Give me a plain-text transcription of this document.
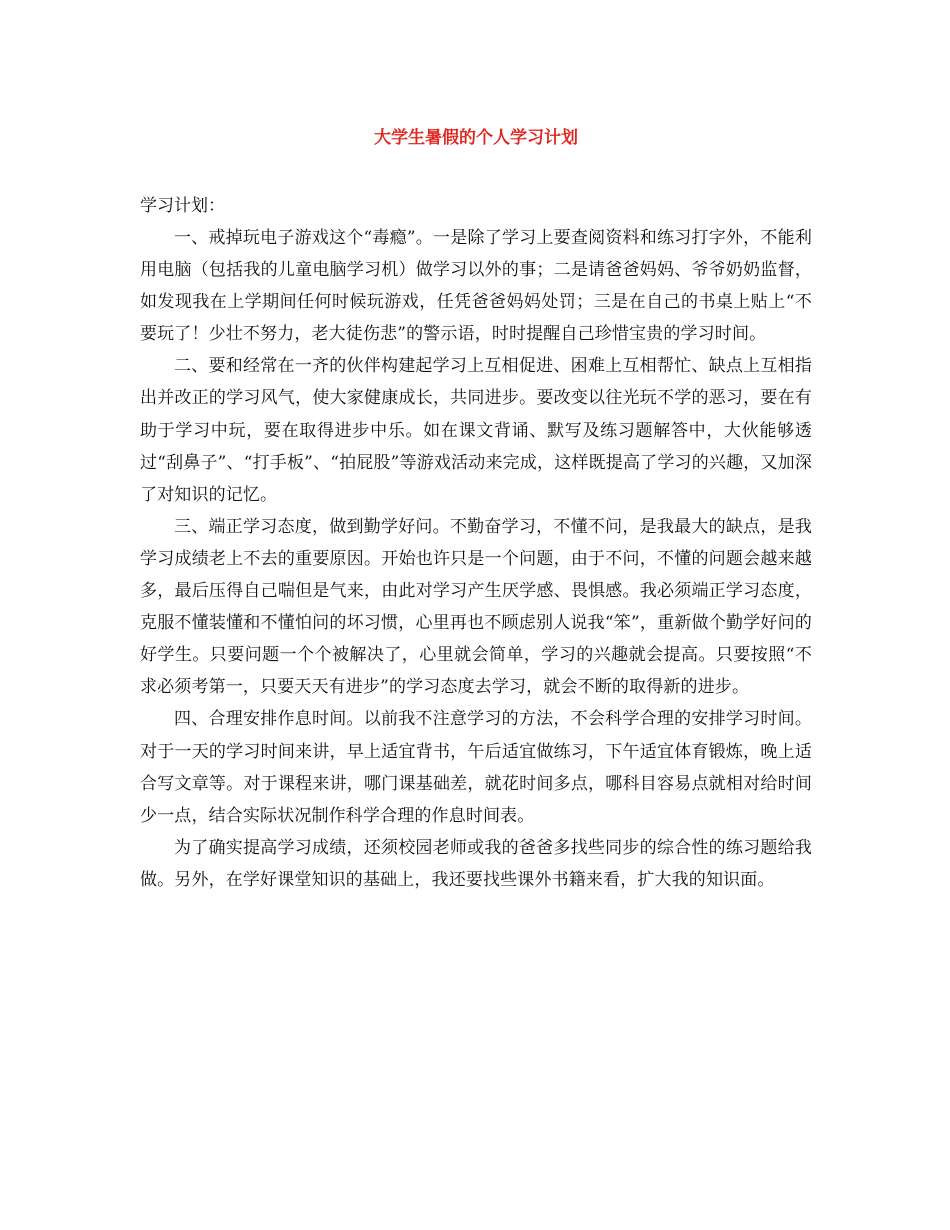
大学生暑假的个人学习计划

学习计划：

一、戒掉玩电子游戏这个“毒瘾”。一是除了学习上要查阅资料和练习打字外，不能利用电脑（包括我的儿童电脑学习机）做学习以外的事；二是请爸爸妈妈、爷爷奶奶监督，如发现我在上学期间任何时候玩游戏，任凭爸爸妈妈处罚；三是在自己的书桌上贴上“不要玩了！少壮不努力，老大徒伤悲”的警示语，时时提醒自己珍惜宝贵的学习时间。

二、要和经常在一齐的伙伴构建起学习上互相促进、困难上互相帮忙、缺点上互相指出并改正的学习风气，使大家健康成长，共同进步。要改变以往光玩不学的恶习，要在有助于学习中玩，要在取得进步中乐。如在课文背诵、默写及练习题解答中，大伙能够透过“刮鼻子”、“打手板”、“拍屁股”等游戏活动来完成，这样既提高了学习的兴趣，又加深了对知识的记忆。

三、端正学习态度，做到勤学好问。不勤奋学习，不懂不问，是我最大的缺点，是我学习成绩老上不去的重要原因。开始也许只是一个问题，由于不问，不懂的问题会越来越多，最后压得自己喘但是气来，由此对学习产生厌学感、畏惧感。我必须端正学习态度，克服不懂装懂和不懂怕问的坏习惯，心里再也不顾虑别人说我“笨”，重新做个勤学好问的好学生。只要问题一个个被解决了，心里就会简单，学习的兴趣就会提高。只要按照“不求必须考第一，只要天天有进步”的学习态度去学习，就会不断的取得新的进步。

四、合理安排作息时间。以前我不注意学习的方法，不会科学合理的安排学习时间。对于一天的学习时间来讲，早上适宜背书，午后适宜做练习，下午适宜体育锻炼，晚上适合写文章等。对于课程来讲，哪门课基础差，就花时间多点，哪科目容易点就相对给时间少一点，结合实际状况制作科学合理的作息时间表。

为了确实提高学习成绩，还须校园老师或我的爸爸多找些同步的综合性的练习题给我做。另外，在学好课堂知识的基础上，我还要找些课外书籍来看，扩大我的知识面。
